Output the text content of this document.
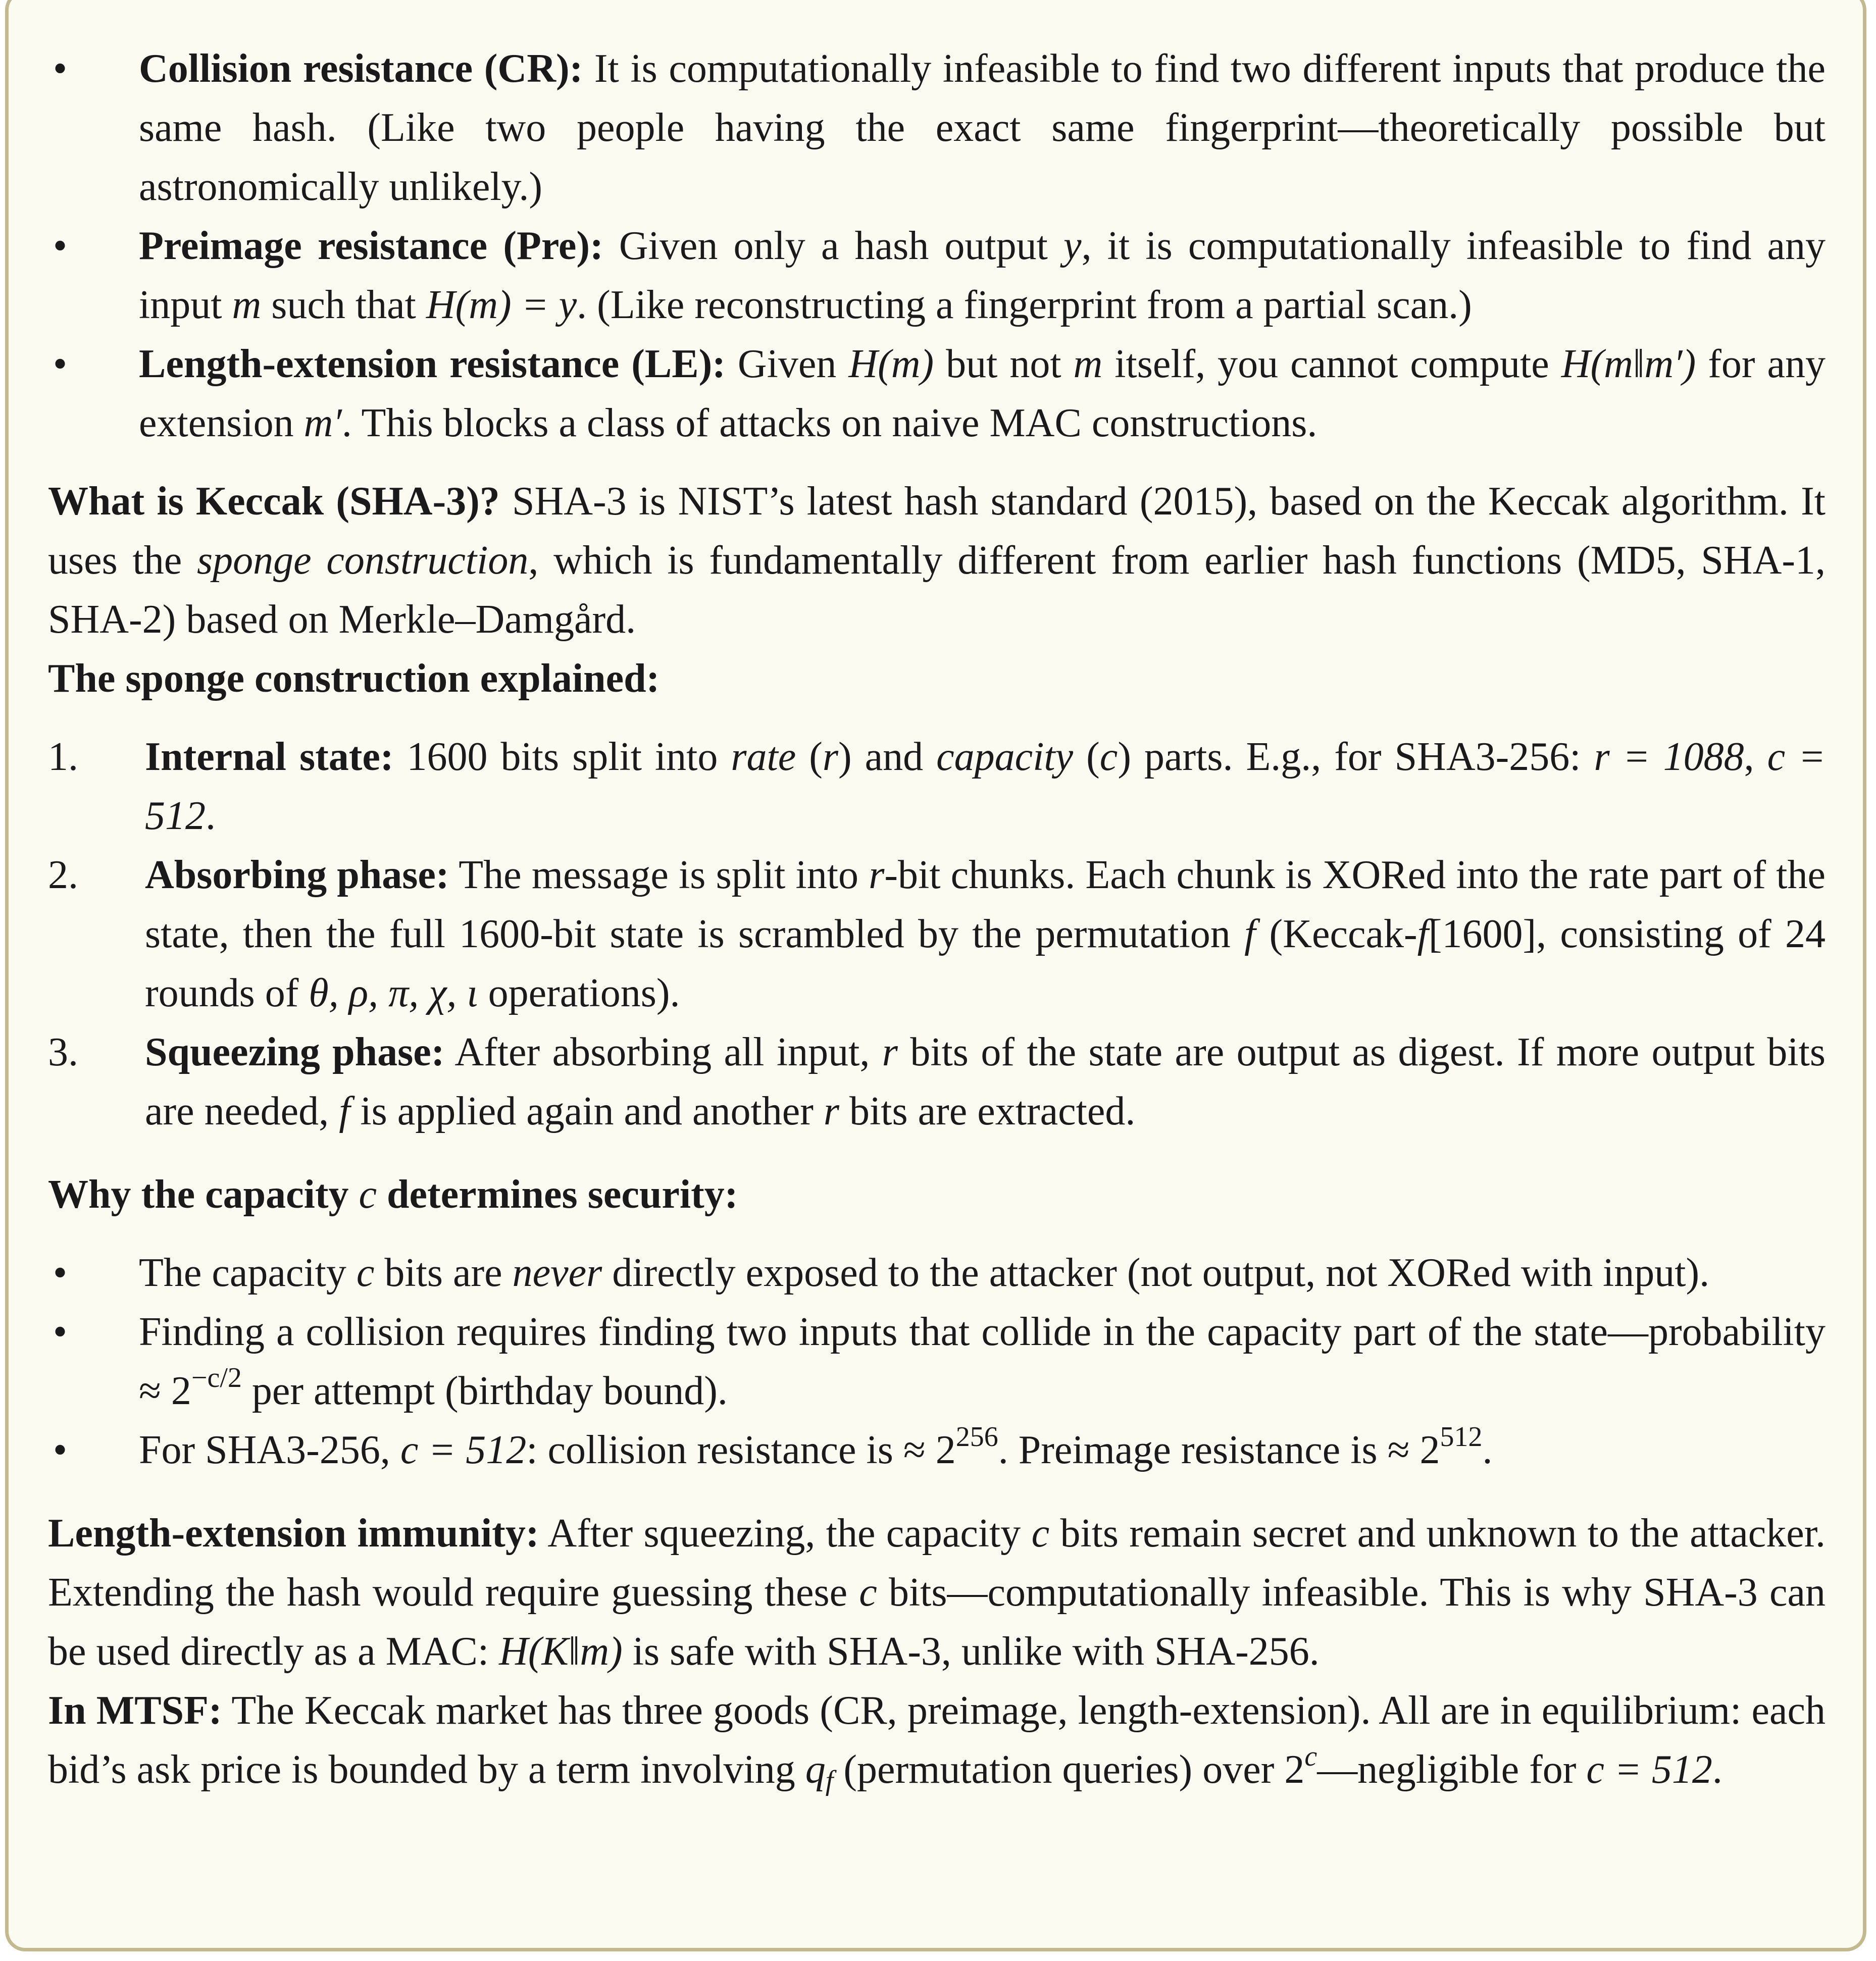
• Collision resistance (CR): It is computationally infeasible to find two different inputs that produce the same hash. (Like two people having the exact same fingerprint—theoretically possible but astronomically unlikely.)
• Preimage resistance (Pre): Given only a hash output y, it is computationally infeasible to find any input m such that H(m) = y. (Like reconstructing a fingerprint from a partial scan.)
• Length-extension resistance (LE): Given H(m) but not m itself, you cannot compute H(m‖m′) for any extension m′. This blocks a class of attacks on naive MAC constructions.

What is Keccak (SHA-3)? SHA-3 is NIST’s latest hash standard (2015), based on the Keccak algorithm. It uses the sponge construction, which is fundamentally different from earlier hash functions (MD5, SHA-1, SHA-2) based on Merkle–Damgård.

The sponge construction explained:

1. Internal state: 1600 bits split into rate (r) and capacity (c) parts. E.g., for SHA3-256: r = 1088, c = 512.
2. Absorbing phase: The message is split into r-bit chunks. Each chunk is XORed into the rate part of the state, then the full 1600-bit state is scrambled by the permutation f (Keccak-f[1600], consisting of 24 rounds of θ, ρ, π, χ, ι operations).
3. Squeezing phase: After absorbing all input, r bits of the state are output as digest. If more output bits are needed, f is applied again and another r bits are extracted.

Why the capacity c determines security:

• The capacity c bits are never directly exposed to the attacker (not output, not XORed with input).
• Finding a collision requires finding two inputs that collide in the capacity part of the state—probability ≈ $2^{-c/2}$ per attempt (birthday bound).
• For SHA3-256, c = 512: collision resistance is ≈ $2^{256}$. Preimage resistance is ≈ $2^{512}$.

Length-extension immunity: After squeezing, the capacity c bits remain secret and unknown to the attacker. Extending the hash would require guessing these c bits—computationally infeasible. This is why SHA-3 can be used directly as a MAC: H(K‖m) is safe with SHA-3, unlike with SHA-256.

In MTSF: The Keccak market has three goods (CR, preimage, length-extension). All are in equilibrium: each bid’s ask price is bounded by a term involving $q_f$ (permutation queries) over 2$^c$—negligible for c = 512.
